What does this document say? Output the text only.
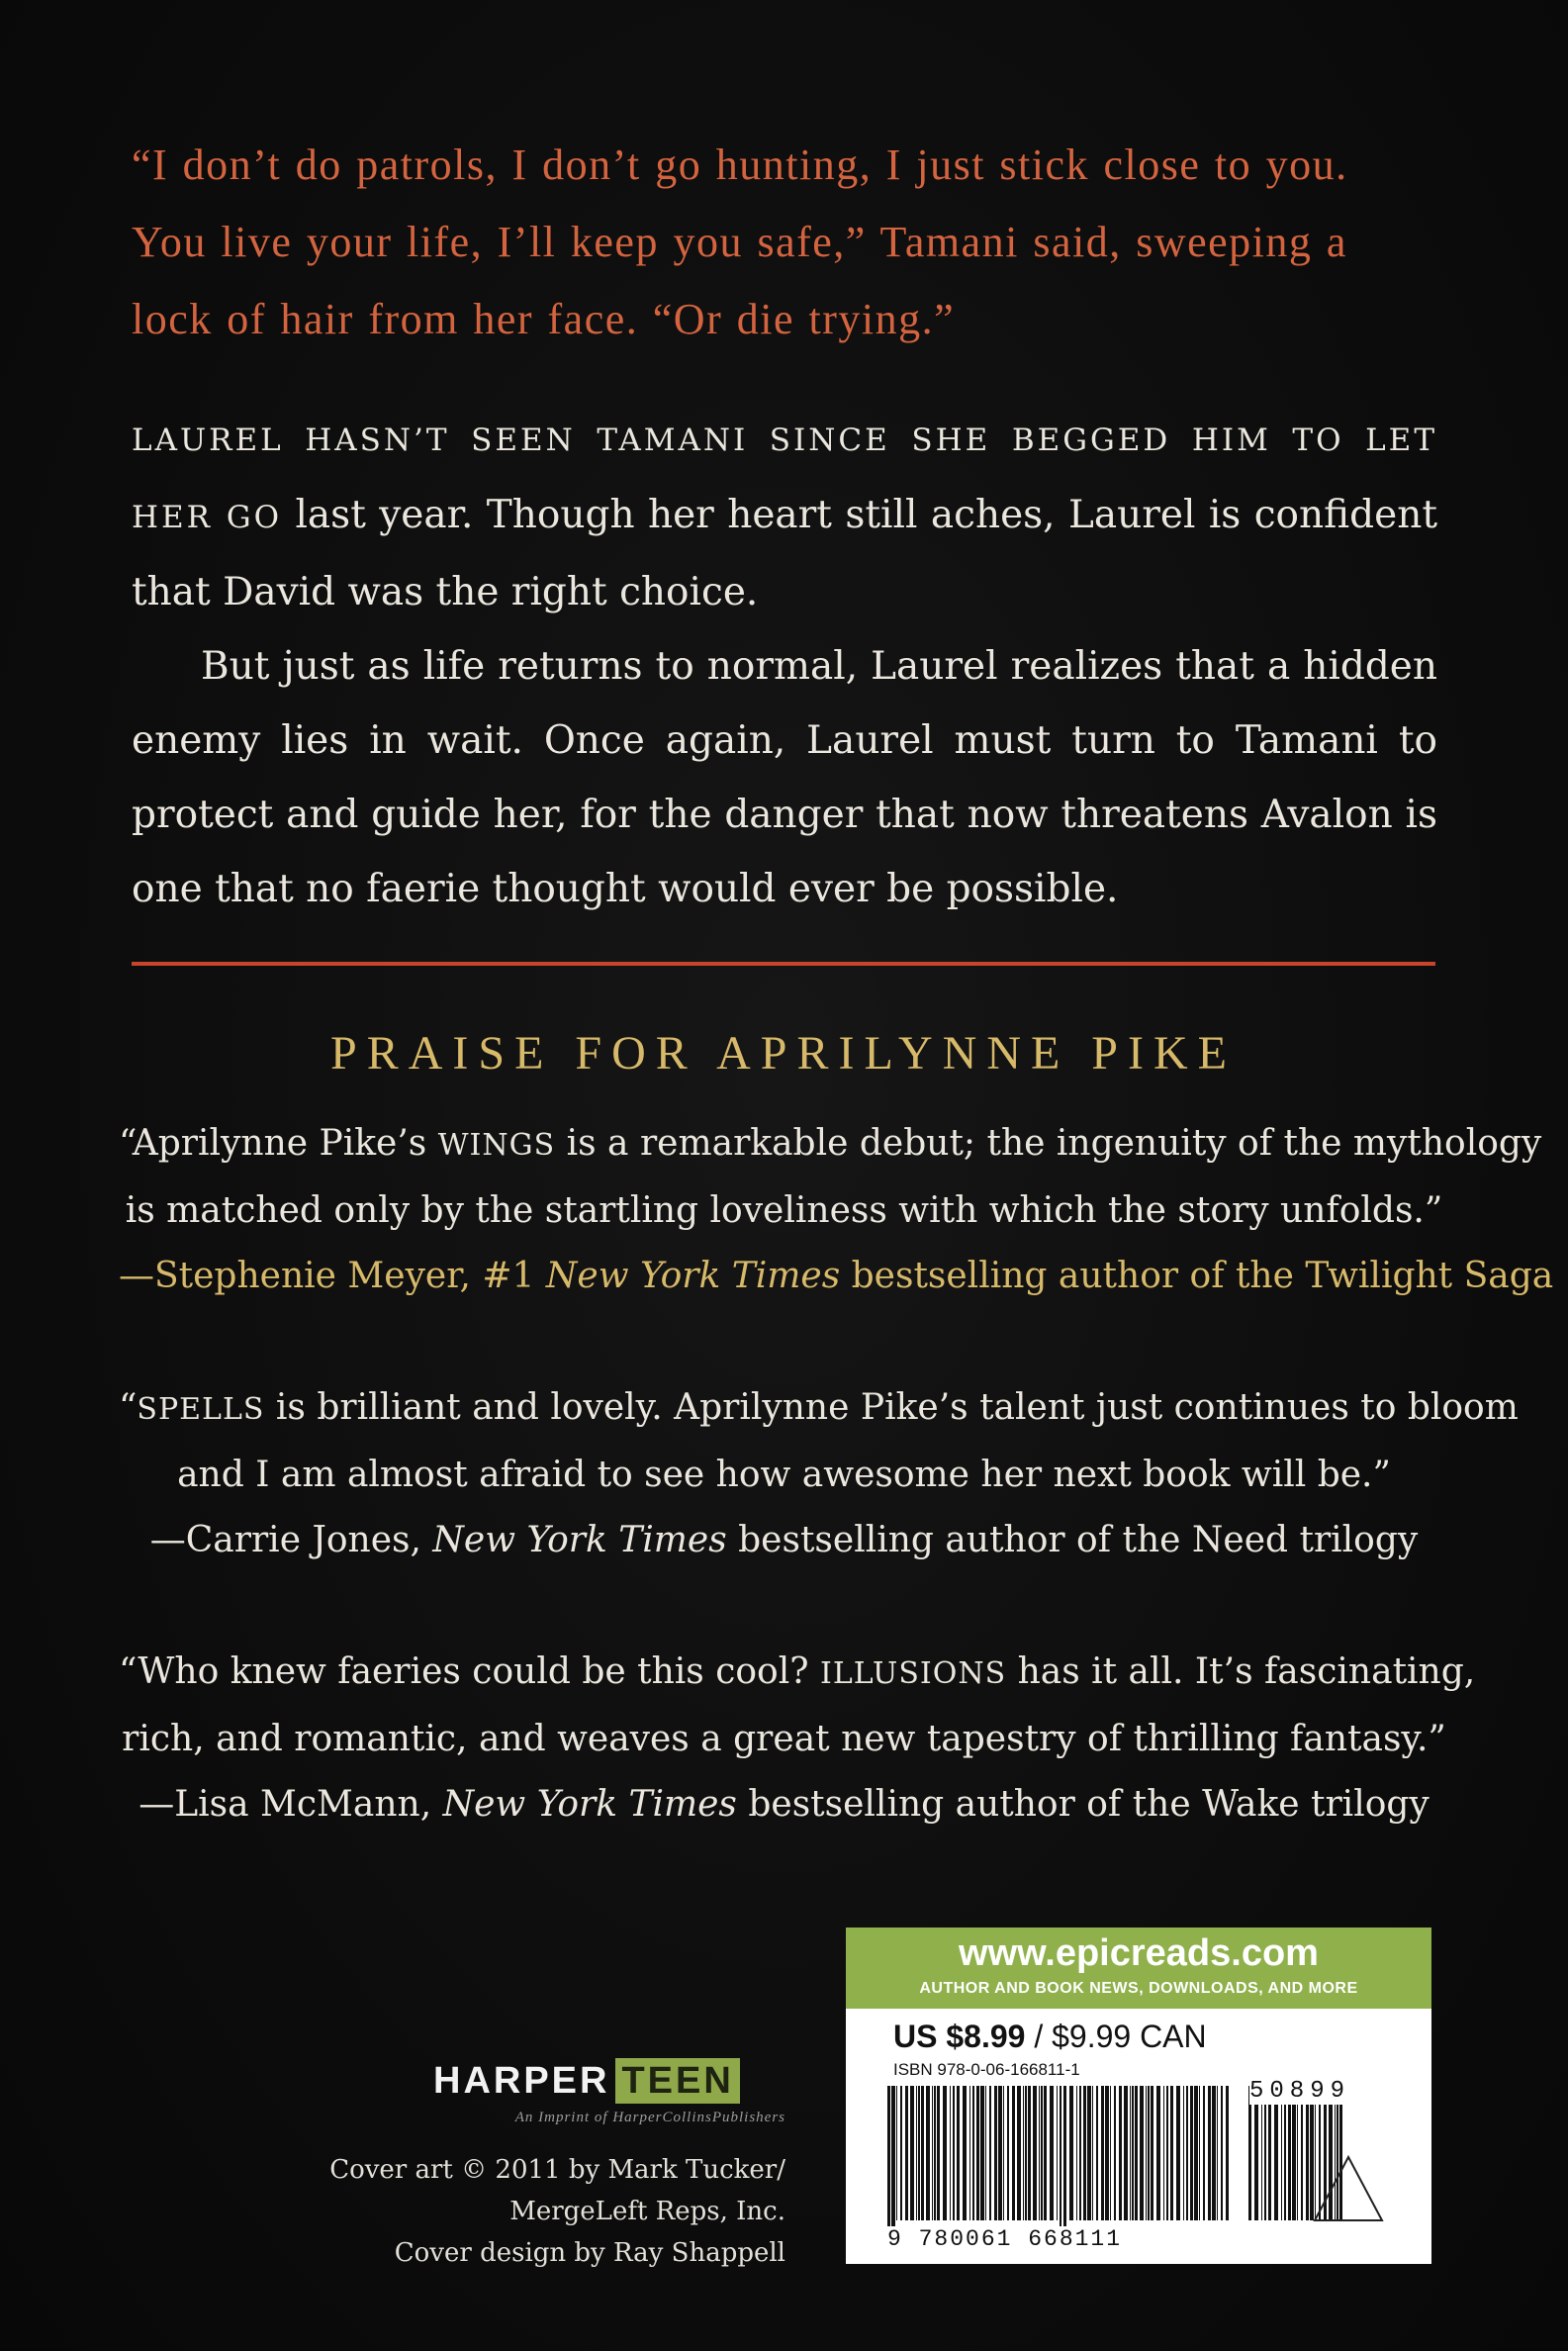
“I don’t do patrols, I don’t go hunting, I just stick close to you.
You live your life, I’ll keep you safe,” Tamani said, sweeping a
lock of hair from her face. “Or die trying.”

LAUREL HASN’T SEEN TAMANI SINCE SHE BEGGED HIM TO LET HER GO last year. Though her heart still aches, Laurel is confident that David was the right choice.

But just as life returns to normal, Laurel realizes that a hidden enemy lies in wait. Once again, Laurel must turn to Tamani to protect and guide her, for the danger that now threatens Avalon is one that no faerie thought would ever be possible.

PRAISE FOR APRILYNNE PIKE
“Aprilynne Pike’s WINGS is a remarkable debut; the ingenuity of the mythology
is matched only by the startling loveliness with which the story unfolds.”
—Stephenie Meyer, #1 New York Times bestselling author of the Twilight Saga
“SPELLS is brilliant and lovely. Aprilynne Pike’s talent just continues to bloom
and I am almost afraid to see how awesome her next book will be.”
—Carrie Jones, New York Times bestselling author of the Need trilogy
“Who knew faeries could be this cool? ILLUSIONS has it all. It’s fascinating,
rich, and romantic, and weaves a great new tapestry of thrilling fantasy.”
—Lisa McMann, New York Times bestselling author of the Wake trilogy
HARPER TEEN
An Imprint of HarperCollinsPublishers
Cover art © 2011 by Mark Tucker/
MergeLeft Reps, Inc.
Cover design by Ray Shappell
www.epicreads.com
AUTHOR AND BOOK NEWS, DOWNLOADS, AND MORE
US $8.99 / $9.99 CAN
ISBN 978-0-06-166811-1
9 780061 668111
50899
